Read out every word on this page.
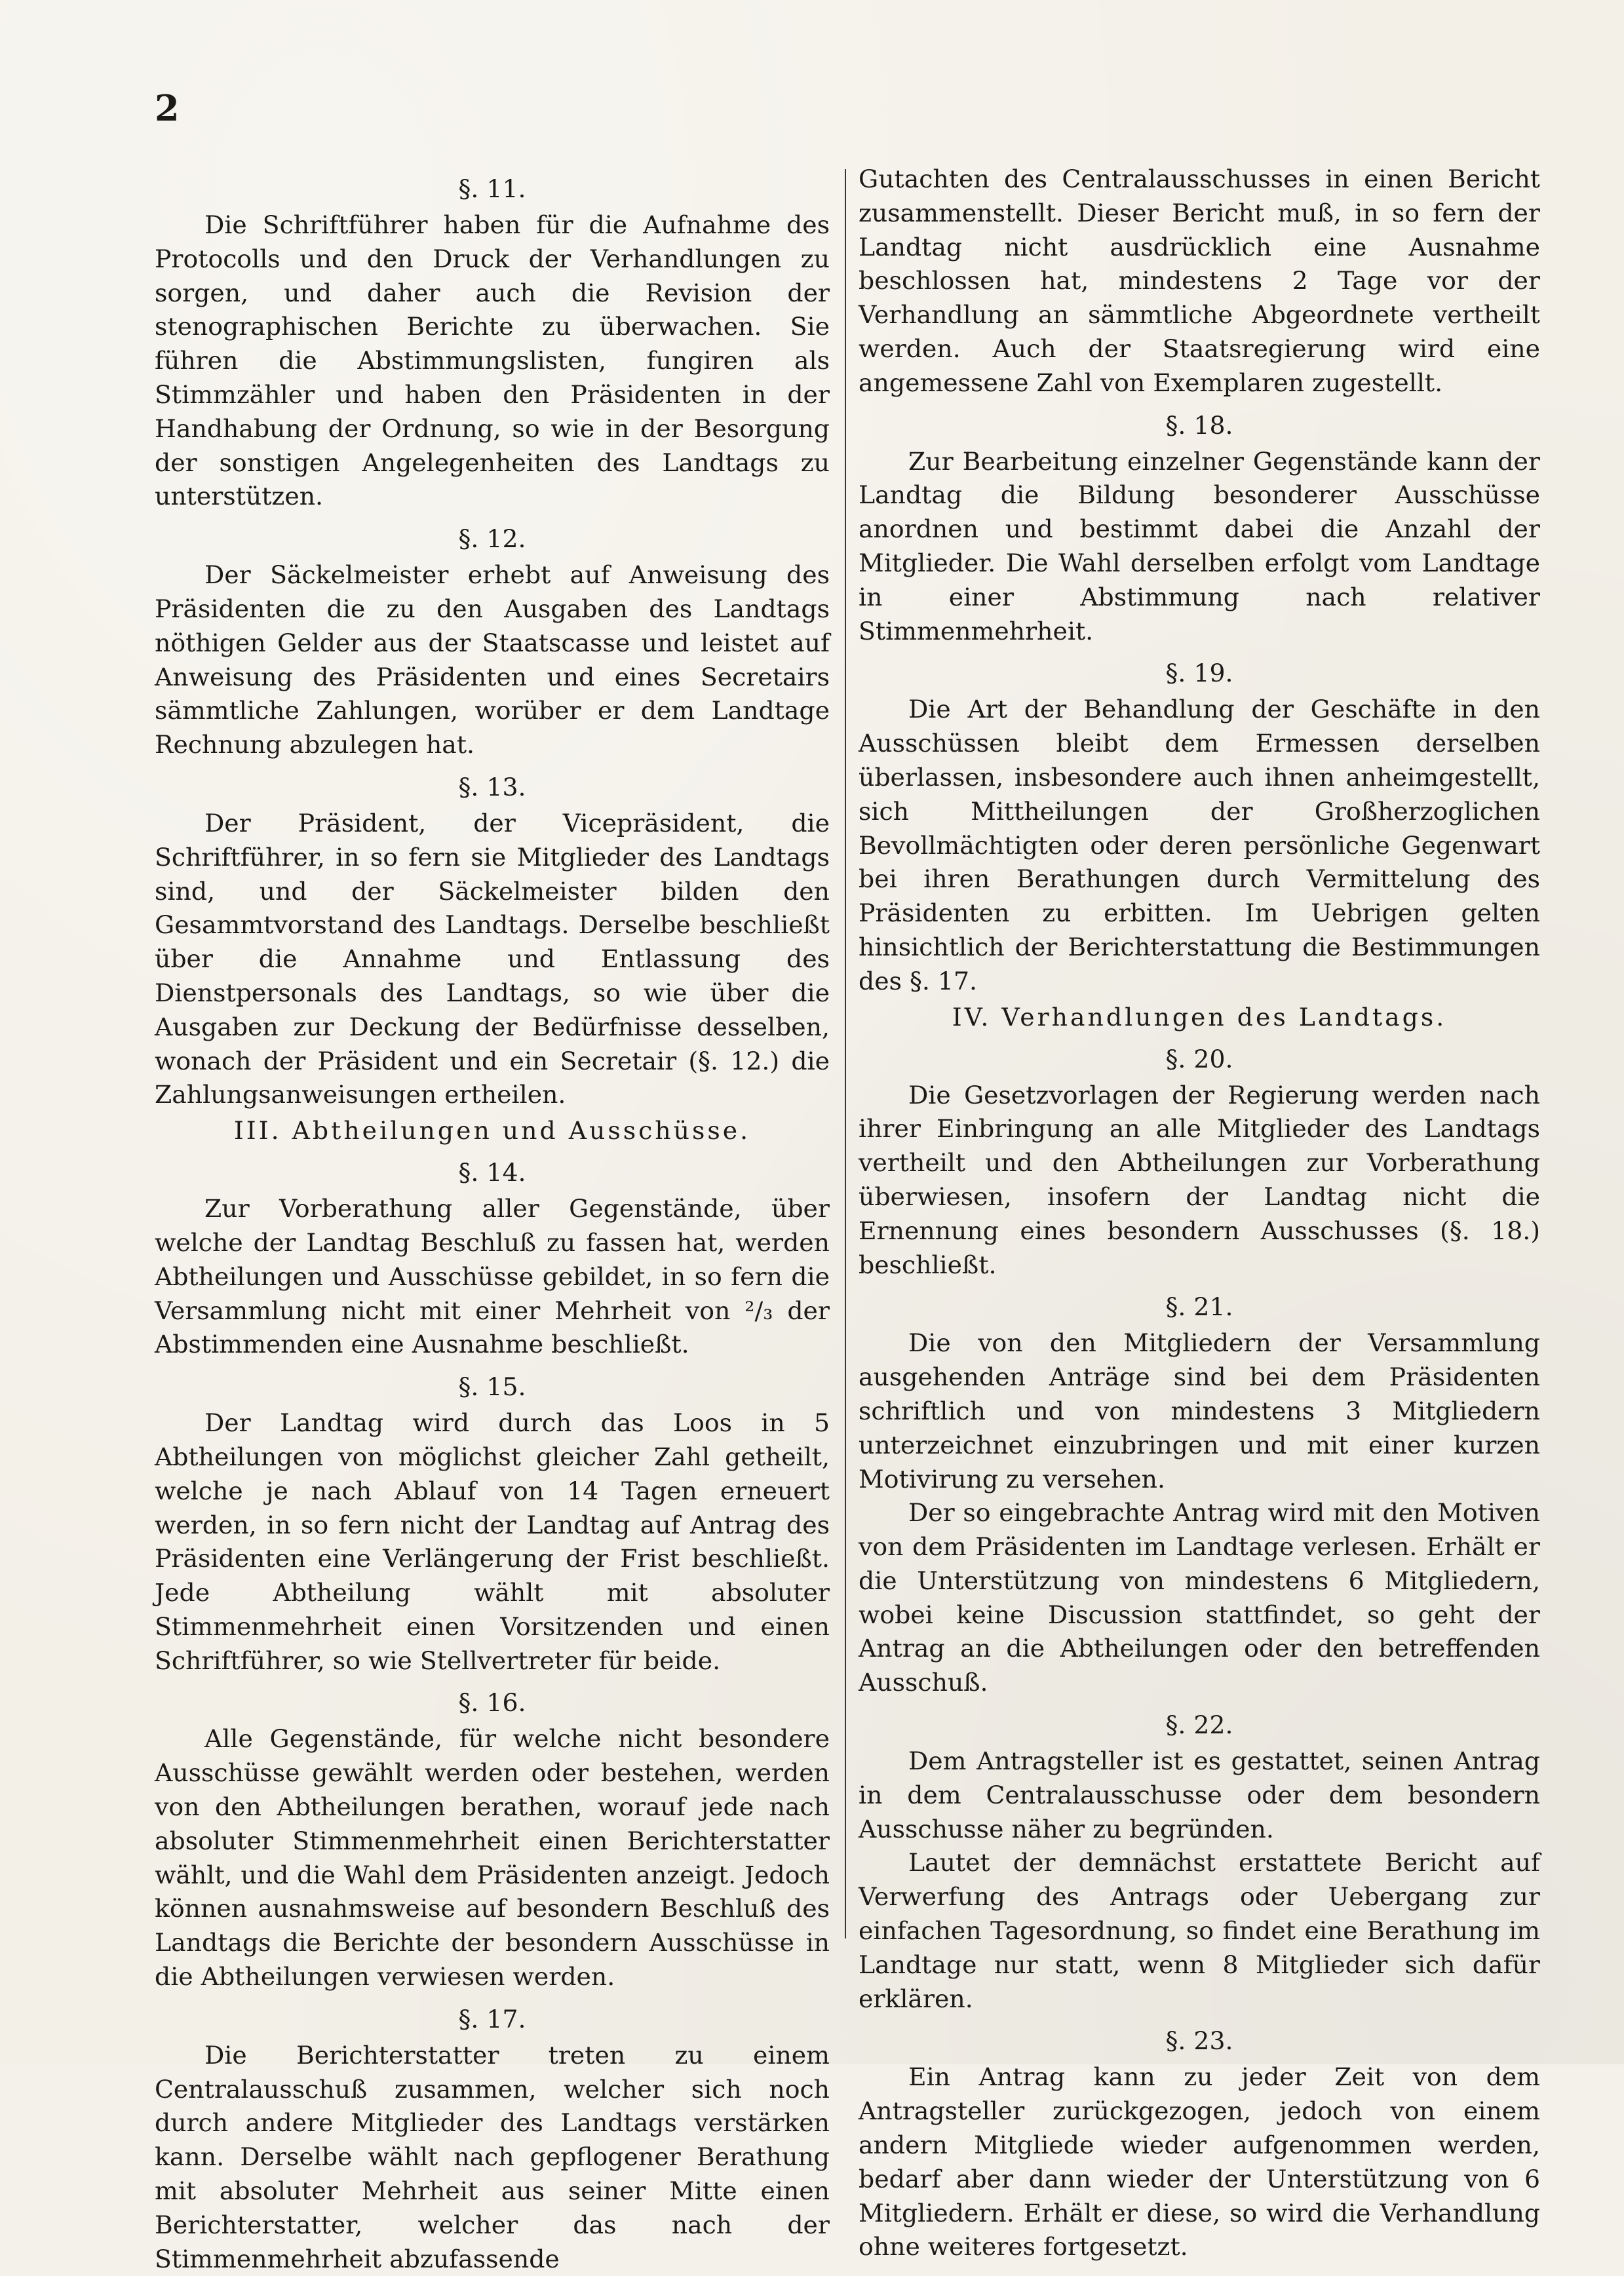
2
§. 11.

Die Schriftführer haben für die Aufnahme des Protocolls und den Druck der Verhandlungen zu sorgen, und daher auch die Revision der stenographischen Berichte zu überwachen. Sie führen die Abstimmungslisten, fungiren als Stimmzähler und haben den Präsidenten in der Handhabung der Ordnung, so wie in der Besorgung der sonstigen Angelegenheiten des Landtags zu unterstützen.

§. 12.

Der Säckelmeister erhebt auf Anweisung des Präsidenten die zu den Ausgaben des Landtags nöthigen Gelder aus der Staatscasse und leistet auf Anweisung des Präsidenten und eines Secretairs sämmtliche Zahlungen, worüber er dem Landtage Rechnung abzulegen hat.

§. 13.

Der Präsident, der Vicepräsident, die Schriftführer, in so fern sie Mitglieder des Landtags sind, und der Säckelmeister bilden den Gesammtvorstand des Landtags. Derselbe beschließt über die Annahme und Entlassung des Dienstpersonals des Landtags, so wie über die Ausgaben zur Deckung der Bedürfnisse desselben, wonach der Präsident und ein Secretair (§. 12.) die Zahlungsanweisungen ertheilen.

III. Abtheilungen und Ausschüsse.
§. 14.

Zur Vorberathung aller Gegenstände, über welche der Landtag Beschluß zu fassen hat, werden Abtheilungen und Ausschüsse gebildet, in so fern die Versammlung nicht mit einer Mehrheit von ²/₃ der Abstimmenden eine Ausnahme beschließt.

§. 15.

Der Landtag wird durch das Loos in 5 Abtheilungen von möglichst gleicher Zahl getheilt, welche je nach Ablauf von 14 Tagen erneuert werden, in so fern nicht der Landtag auf Antrag des Präsidenten eine Verlängerung der Frist beschließt. Jede Abtheilung wählt mit absoluter Stimmenmehrheit einen Vorsitzenden und einen Schriftführer, so wie Stellvertreter für beide.

§. 16.

Alle Gegenstände, für welche nicht besondere Ausschüsse gewählt werden oder bestehen, werden von den Abtheilungen berathen, worauf jede nach absoluter Stimmenmehrheit einen Berichterstatter wählt, und die Wahl dem Präsidenten anzeigt. Jedoch können ausnahmsweise auf besondern Beschluß des Landtags die Berichte der besondern Ausschüsse in die Abtheilungen verwiesen werden.

§. 17.

Die Berichterstatter treten zu einem Centralausschuß zusammen, welcher sich noch durch andere Mitglieder des Landtags verstärken kann. Derselbe wählt nach gepflogener Berathung mit absoluter Mehrheit aus seiner Mitte einen Berichterstatter, welcher das nach der Stimmenmehrheit abzufassende

Gutachten des Centralausschusses in einen Bericht zusammenstellt. Dieser Bericht muß, in so fern der Landtag nicht ausdrücklich eine Ausnahme beschlossen hat, mindestens 2 Tage vor der Verhandlung an sämmtliche Abgeordnete vertheilt werden. Auch der Staatsregierung wird eine angemessene Zahl von Exemplaren zugestellt.

§. 18.

Zur Bearbeitung einzelner Gegenstände kann der Landtag die Bildung besonderer Ausschüsse anordnen und bestimmt dabei die Anzahl der Mitglieder. Die Wahl derselben erfolgt vom Landtage in einer Abstimmung nach relativer Stimmenmehrheit.

§. 19.

Die Art der Behandlung der Geschäfte in den Ausschüssen bleibt dem Ermessen derselben überlassen, insbesondere auch ihnen anheimgestellt, sich Mittheilungen der Großherzoglichen Bevollmächtigten oder deren persönliche Gegenwart bei ihren Berathungen durch Vermittelung des Präsidenten zu erbitten. Im Uebrigen gelten hinsichtlich der Berichterstattung die Bestimmungen des §. 17.

IV. Verhandlungen des Landtags.
§. 20.

Die Gesetzvorlagen der Regierung werden nach ihrer Einbringung an alle Mitglieder des Landtags vertheilt und den Abtheilungen zur Vorberathung überwiesen, insofern der Landtag nicht die Ernennung eines besondern Ausschusses (§. 18.) beschließt.

§. 21.

Die von den Mitgliedern der Versammlung ausgehenden Anträge sind bei dem Präsidenten schriftlich und von mindestens 3 Mitgliedern unterzeichnet einzubringen und mit einer kurzen Motivirung zu versehen.

Der so eingebrachte Antrag wird mit den Motiven von dem Präsidenten im Landtage verlesen. Erhält er die Unterstützung von mindestens 6 Mitgliedern, wobei keine Discussion stattfindet, so geht der Antrag an die Abtheilungen oder den betreffenden Ausschuß.

§. 22.

Dem Antragsteller ist es gestattet, seinen Antrag in dem Centralausschusse oder dem besondern Ausschusse näher zu begründen.

Lautet der demnächst erstattete Bericht auf Verwerfung des Antrags oder Uebergang zur einfachen Tagesordnung, so findet eine Berathung im Landtage nur statt, wenn 8 Mitglieder sich dafür erklären.

§. 23.

Ein Antrag kann zu jeder Zeit von dem Antragsteller zurückgezogen, jedoch von einem andern Mitgliede wieder aufgenommen werden, bedarf aber dann wieder der Unterstützung von 6 Mitgliedern. Erhält er diese, so wird die Verhandlung ohne weiteres fortgesetzt.
